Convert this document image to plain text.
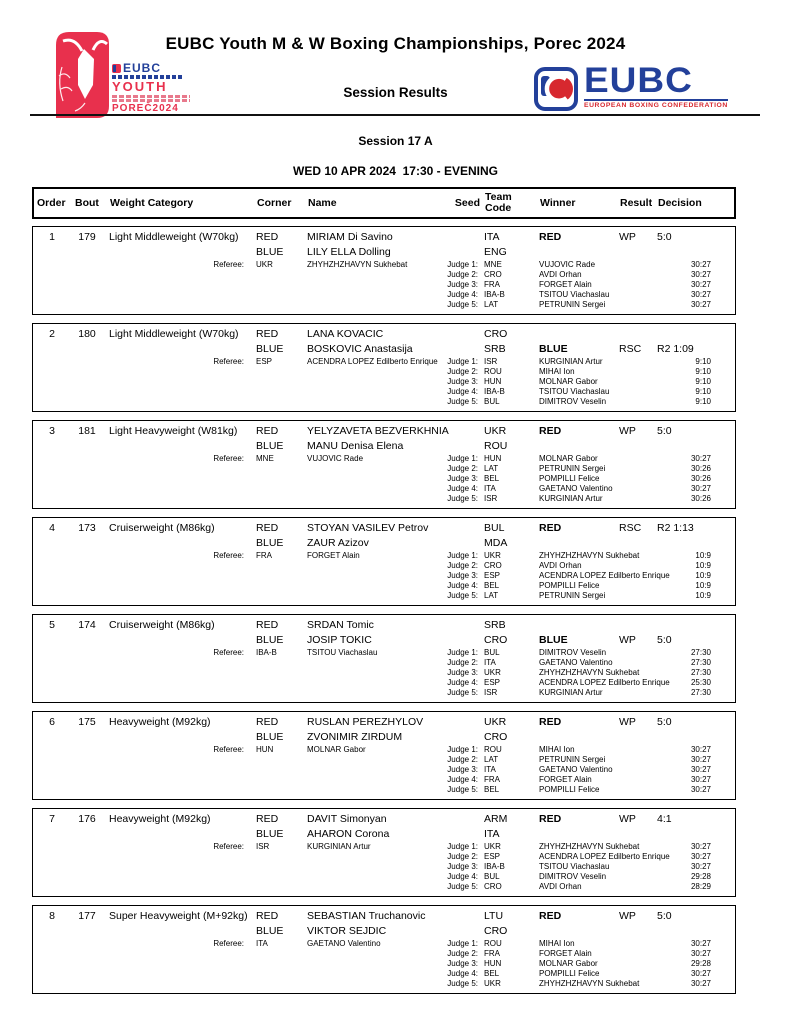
EUBC
YOUTH
POREČ2024
EUBC Youth M & W Boxing Championships, Porec 2024
Session Results	EUBC
EUROPEAN BOXING CONFEDERATION
Session 17 A
WED 10 APR 2024  17:30 - EVENING
Order Bout	Weight Category	Corner	Name	Seed Team
Code	Winner	Result Decision
1	179	Light Middleweight (W70kg)	RED	MIRIAM Di Savino	ITA	RED	WP	5:0
BLUE	LILY ELLA Dolling	ENG
Referee:	UKR	ZHYHZHZHAVYN Sukhebat	Judge 1: MNE	VUJOVIC Rade	30:27
Judge 2: CRO	AVDI Orhan	30:27
Judge 3: FRA	FORGET Alain	30:27
Judge 4: IBA-B	TSITOU Viachaslau	30:27
Judge 5: LAT	PETRUNIN Sergei	30:27
2	180	Light Middleweight (W70kg)	RED	LANA KOVACIC	CRO
BLUE	BOSKOVIC Anastasija	SRB	BLUE	RSC	R2 1:09
Referee:	ESP	ACENDRA LOPEZ Edilberto Enrique	Judge 1: ISR	KURGINIAN Artur	9:10
Judge 2: ROU	MIHAI Ion	9:10
Judge 3: HUN	MOLNAR Gabor	9:10
Judge 4: IBA-B	TSITOU Viachaslau	9:10
Judge 5: BUL	DIMITROV Veselin	9:10
3	181	Light Heavyweight (W81kg)	RED	YELYZAVETA BEZVERKHNIA	UKR	RED	WP	5:0
BLUE	MANU Denisa Elena	ROU
Referee:	MNE	VUJOVIC Rade	Judge 1: HUN	MOLNAR Gabor	30:27
Judge 2: LAT	PETRUNIN Sergei	30:26
Judge 3: BEL	POMPILLI Felice	30:26
Judge 4: ITA	GAETANO Valentino	30:27
Judge 5: ISR	KURGINIAN Artur	30:26
4	173	Cruiserweight (M86kg)	RED	STOYAN VASILEV Petrov	BUL	RED	RSC	R2 1:13
BLUE	ZAUR Azizov	MDA
Referee:	FRA	FORGET Alain	Judge 1: UKR	ZHYHZHZHAVYN Sukhebat	10:9
Judge 2: CRO	AVDI Orhan	10:9
Judge 3: ESP	ACENDRA LOPEZ Edilberto Enrique	10:9
Judge 4: BEL	POMPILLI Felice	10:9
Judge 5: LAT	PETRUNIN Sergei	10:9
5	174	Cruiserweight (M86kg)	RED	SRDAN Tomic	SRB
BLUE	JOSIP TOKIC	CRO	BLUE	WP	5:0
Referee:	IBA-B	TSITOU Viachaslau	Judge 1: BUL	DIMITROV Veselin	27:30
Judge 2: ITA	GAETANO Valentino	27:30
Judge 3: UKR	ZHYHZHZHAVYN Sukhebat	27:30
Judge 4: ESP	ACENDRA LOPEZ Edilberto Enrique	25:30
Judge 5: ISR	KURGINIAN Artur	27:30
6	175	Heavyweight (M92kg)	RED	RUSLAN PEREZHYLOV	UKR	RED	WP	5:0
BLUE	ZVONIMIR ZIRDUM	CRO
Referee:	HUN	MOLNAR Gabor	Judge 1: ROU	MIHAI Ion	30:27
Judge 2: LAT	PETRUNIN Sergei	30:27
Judge 3: ITA	GAETANO Valentino	30:27
Judge 4: FRA	FORGET Alain	30:27
Judge 5: BEL	POMPILLI Felice	30:27
7	176	Heavyweight (M92kg)	RED	DAVIT Simonyan	ARM	RED	WP	4:1
BLUE	AHARON Corona	ITA
Referee:	ISR	KURGINIAN Artur	Judge 1: UKR	ZHYHZHZHAVYN Sukhebat	30:27
Judge 2: ESP	ACENDRA LOPEZ Edilberto Enrique	30:27
Judge 3: IBA-B	TSITOU Viachaslau	30:27
Judge 4: BUL	DIMITROV Veselin	29:28
Judge 5: CRO	AVDI Orhan	28:29
8	177	Super Heavyweight (M+92kg) RED	SEBASTIAN Truchanovic	LTU	RED	WP	5:0
BLUE	VIKTOR SEJDIC	CRO
Referee:	ITA	GAETANO Valentino	Judge 1: ROU	MIHAI Ion	30:27
Judge 2: FRA	FORGET Alain	30:27
Judge 3: HUN	MOLNAR Gabor	29:28
Judge 4: BEL	POMPILLI Felice	30:27
Judge 5: UKR	ZHYHZHZHAVYN Sukhebat	30:27
